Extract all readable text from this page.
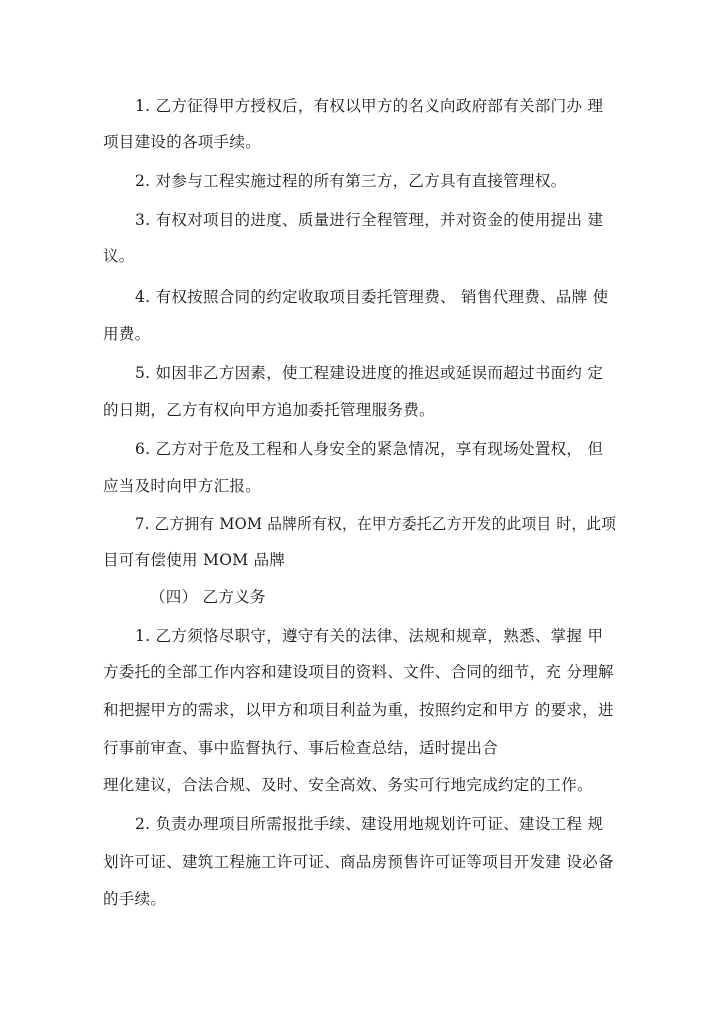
1. 乙方征得甲方授权后，有权以甲方的名义向政府部有关部门办 理
项目建设的各项手续。
2. 对参与工程实施过程的所有第三方，乙方具有直接管理权。
3. 有权对项目的进度、质量进行全程管理，并对资金的使用提出 建
议。
4. 有权按照合同的约定收取项目委托管理费、 销售代理费、品牌 使
用费。
5. 如因非乙方因素，使工程建设进度的推迟或延误而超过书面约 定
的日期，乙方有权向甲方追加委托管理服务费。
6. 乙方对于危及工程和人身安全的紧急情况，享有现场处置权， 但
应当及时向甲方汇报。
7. 乙方拥有 MOM 品牌所有权，在甲方委托乙方开发的此项目 时，此项
目可有偿使用 MOM 品牌
（四） 乙方义务
1. 乙方须恪尽职守，遵守有关的法律、法规和规章，熟悉、掌握 甲
方委托的全部工作内容和建设项目的资料、文件、合同的细节，充 分理解
和把握甲方的需求，以甲方和项目利益为重，按照约定和甲方 的要求，进
行事前审查、事中监督执行、事后检查总结，适时提出合
理化建议，合法合规、及时、安全高效、务实可行地完成约定的工作。
2. 负责办理项目所需报批手续、建设用地规划许可证、建设工程 规
划许可证、建筑工程施工许可证、商品房预售许可证等项目开发建 设必备
的手续。
